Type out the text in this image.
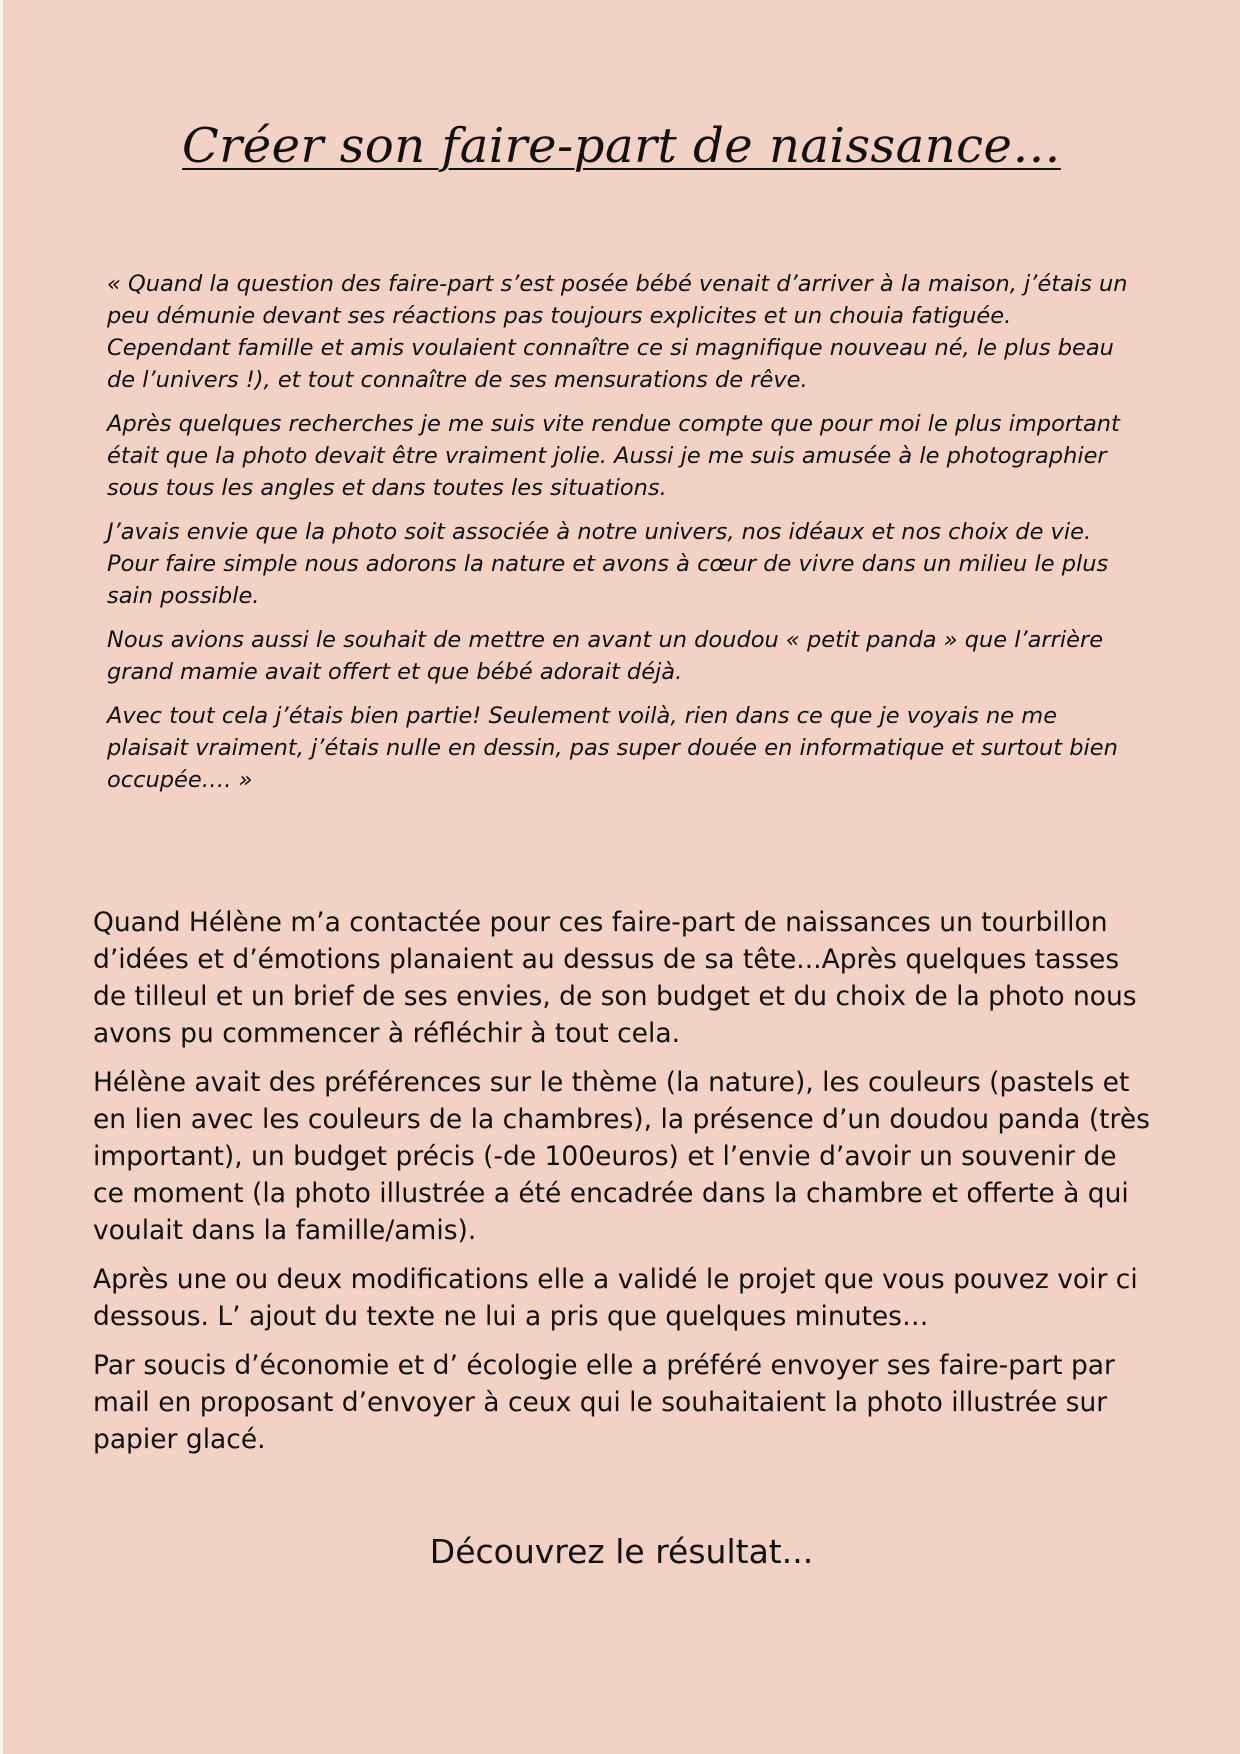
Créer son faire-part de naissance…

« Quand la question des faire-part s’est posée bébé venait d’arriver à la maison, j’étais un peu démunie devant ses réactions pas toujours explicites et un chouia fatiguée. Cependant famille et amis voulaient connaître ce si magnifique nouveau né, le plus beau de l’univers !), et tout connaître de ses mensurations de rêve.

Après quelques recherches je me suis vite rendue compte que pour moi le plus important était que la photo devait être vraiment jolie. Aussi je me suis amusée à le photographier sous tous les angles et dans toutes les situations.

J’avais envie que la photo soit associée à notre univers, nos idéaux et nos choix de vie. Pour faire simple nous adorons la nature et avons à cœur de vivre dans un milieu le plus sain possible.

Nous avions aussi le souhait de mettre en avant un doudou « petit panda » que l’arrière grand mamie avait offert et que bébé adorait déjà.

Avec tout cela j’étais bien partie! Seulement voilà, rien dans ce que je voyais ne me plaisait vraiment, j’étais nulle en dessin, pas super douée en informatique et surtout bien occupée…. »

Quand Hélène m’a contactée pour ces faire-part de naissances un tourbillon d’idées et d’émotions planaient au dessus de sa tête...Après quelques tasses de tilleul et un brief de ses envies, de son budget et du choix de la photo nous avons pu commencer à réfléchir à tout cela.

Hélène avait des préférences sur le thème (la nature), les couleurs (pastels et en lien avec les couleurs de la chambres), la présence d’un doudou panda (très important), un budget précis (-de 100euros) et l’envie d’avoir un souvenir de ce moment (la photo illustrée a été encadrée dans la chambre et offerte à qui voulait dans la famille/amis).

Après une ou deux modifications elle a validé le projet que vous pouvez voir ci dessous. L’ ajout du texte ne lui a pris que quelques minutes…

Par soucis d’économie et d’ écologie elle a préféré envoyer ses faire-part par mail en proposant d’envoyer à ceux qui le souhaitaient la photo illustrée sur papier glacé.

Découvrez le résultat...
